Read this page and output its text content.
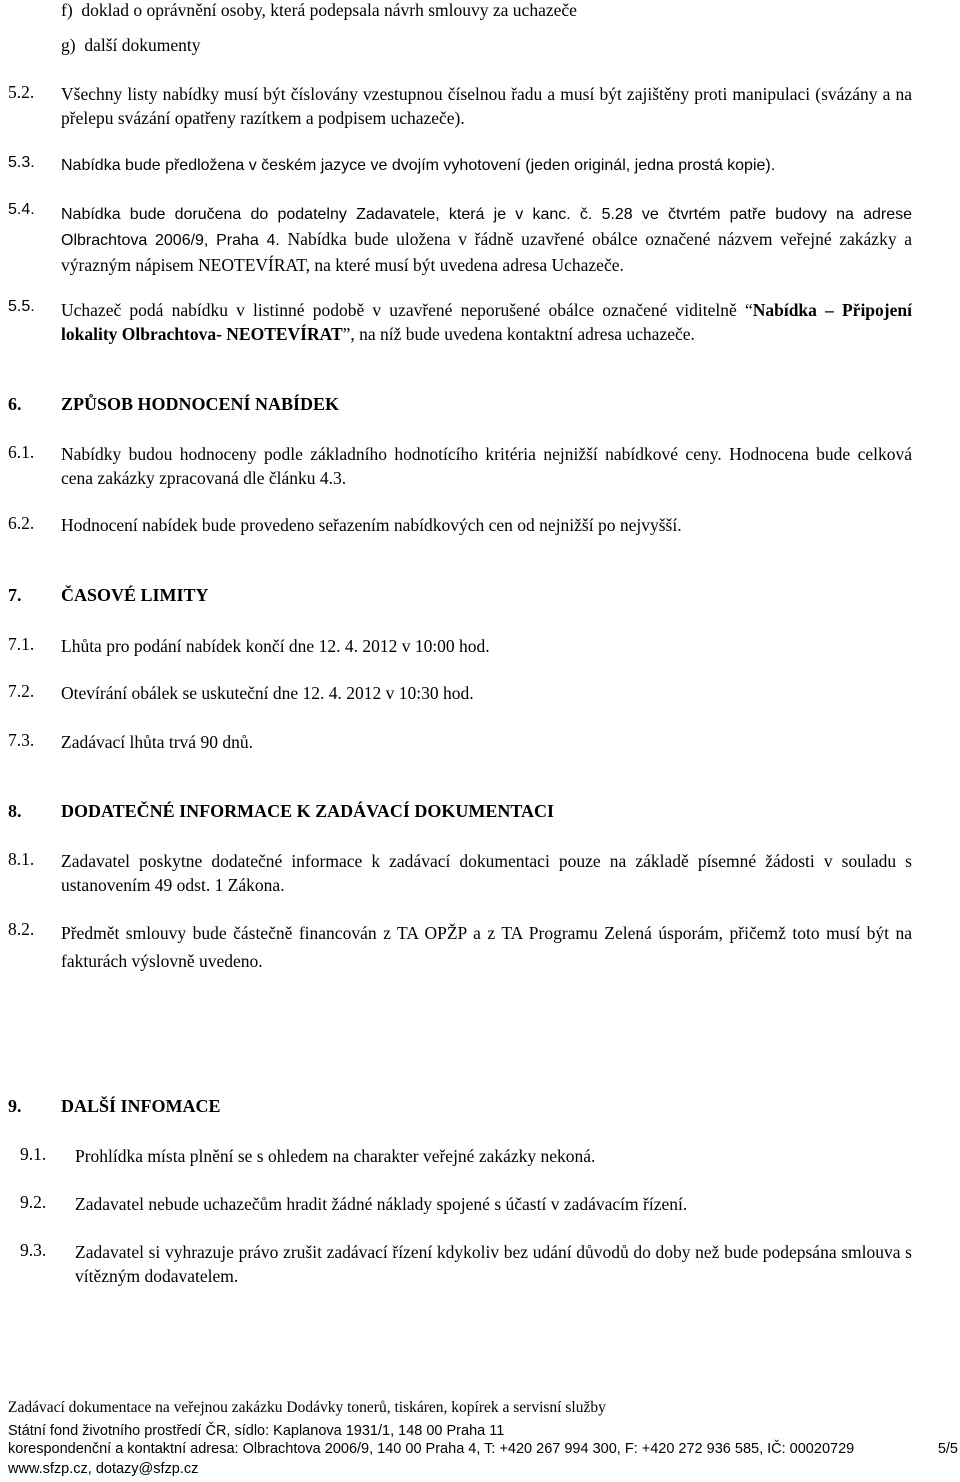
f)  doklad o oprávnění osoby, která podepsala návrh smlouvy za uchazeče
g)  další dokumenty
5.2. Všechny listy nabídky musí být číslovány vzestupnou číselnou řadu a musí být zajištěny proti manipulaci (svázány a na přelepu svázání opatřeny razítkem a podpisem uchazeče).
5.3. Nabídka bude předložena v českém jazyce ve dvojím vyhotovení (jeden originál, jedna prostá kopie).
5.4. Nabídka bude doručena do podatelny Zadavatele, která je v kanc. č. 5.28 ve čtvrtém patře budovy na adrese Olbrachtova 2006/9, Praha 4. Nabídka bude uložena v řádně uzavřené obálce označené názvem veřejné zakázky a výrazným nápisem NEOTEVÍRAT, na které musí být uvedena adresa Uchazeče.
5.5. Uchazeč podá nabídku v listinné podobě v uzavřené neporušené obálce označené viditelně “Nabídka – Připojení lokality Olbrachtova- NEOTEVÍRAT”, na níž bude uvedena kontaktní adresa uchazeče.
6. ZPŮSOB HODNOCENÍ NABÍDEK
6.1. Nabídky budou hodnoceny podle základního hodnotícího kritéria nejnižší nabídkové ceny. Hodnocena bude celková cena zakázky zpracovaná dle článku 4.3.
6.2. Hodnocení nabídek bude provedeno seřazením nabídkových cen od nejnižší po nejvyšší.
7. ČASOVÉ LIMITY
7.1. Lhůta pro podání nabídek končí dne 12. 4. 2012 v 10:00 hod.
7.2. Otevírání obálek se uskuteční dne 12. 4. 2012 v 10:30 hod.
7.3. Zadávací lhůta trvá 90 dnů.
8. DODATEČNÉ INFORMACE K ZADÁVACÍ DOKUMENTACI
8.1. Zadavatel poskytne dodatečné informace k zadávací dokumentaci pouze na základě písemné žádosti v souladu s ustanovením 49 odst. 1 Zákona.
8.2. Předmět smlouvy bude částečně financován z TA OPŽP a z TA Programu Zelená úsporám, přičemž toto musí být na fakturách výslovně uvedeno.
9. DALŠÍ INFOMACE
9.1. Prohlídka místa plnění se s ohledem na charakter veřejné zakázky nekoná.
9.2. Zadavatel nebude uchazečům hradit žádné náklady spojené s účastí v zadávacím řízení.
9.3. Zadavatel si vyhrazuje právo zrušit zadávací řízení kdykoliv bez udání důvodů do doby než bude podepsána smlouva s vítězným dodavatelem.
Zadávací dokumentace na veřejnou zakázku Dodávky tonerů, tiskáren, kopírek a servisní služby
Státní fond životního prostředí ČR, sídlo: Kaplanova 1931/1, 148 00 Praha 11
korespondenční a kontaktní adresa: Olbrachtova 2006/9, 140 00 Praha 4, T: +420 267 994 300, F: +420 272 936 585, IČ: 00020729
www.sfzp.cz, dotazy@sfzp.cz
5/5
